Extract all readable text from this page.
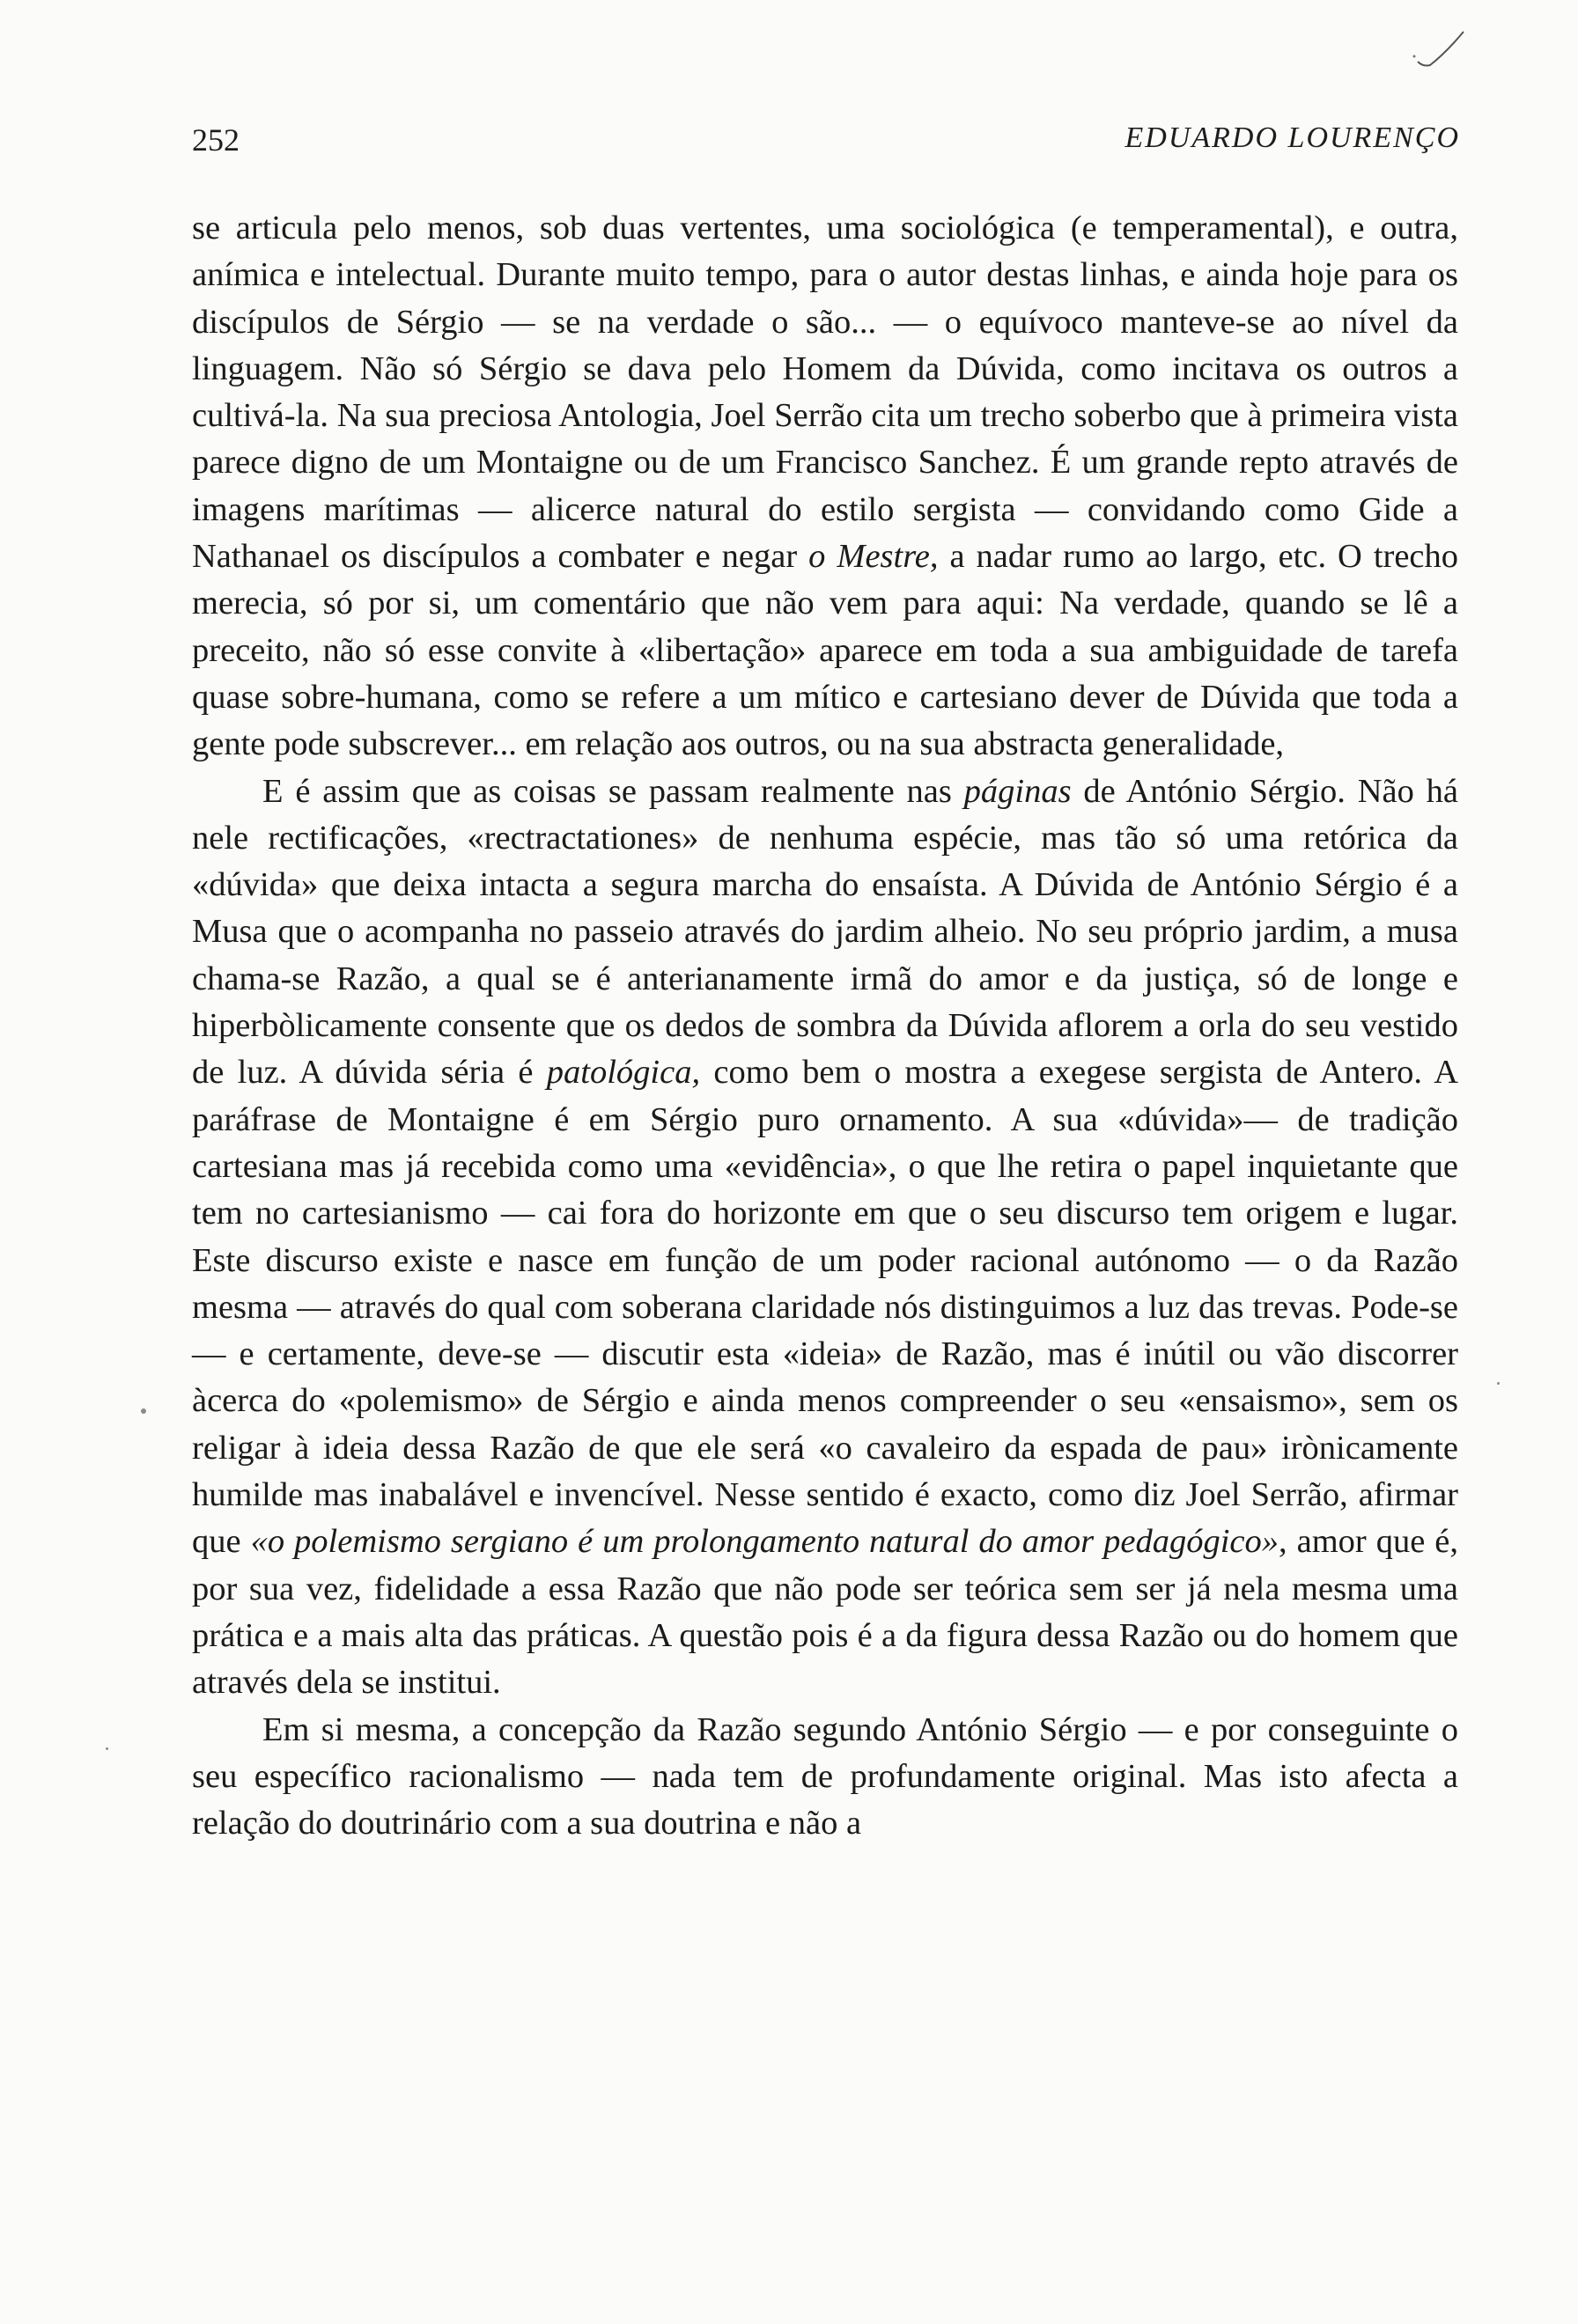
252	EDUARDO LOURENÇO

se articula pelo menos, sob duas vertentes, uma sociológica (e temperamental), e outra, anímica e intelectual. Durante muito tempo, para o autor destas linhas, e ainda hoje para os discípulos de Sérgio — se na verdade o são... — o equívoco manteve-se ao nível da linguagem. Não só Sérgio se dava pelo Homem da Dúvida, como incitava os outros a cultivá-la. Na sua preciosa Antologia, Joel Serrão cita um trecho soberbo que à primeira vista parece digno de um Montaigne ou de um Francisco Sanchez. É um grande repto através de imagens marítimas — alicerce natural do estilo sergista — convidando como Gide a Nathanael os discípulos a combater e negar o Mestre, a nadar rumo ao largo, etc. O trecho merecia, só por si, um comentário que não vem para aqui: Na verdade, quando se lê a preceito, não só esse convite à «libertação» aparece em toda a sua ambiguidade de tarefa quase sobre-humana, como se refere a um mítico e cartesiano dever de Dúvida que toda a gente pode subscrever... em relação aos outros, ou na sua abstracta generalidade,

E é assim que as coisas se passam realmente nas páginas de António Sérgio. Não há nele rectificações, «rectractationes» de nenhuma espécie, mas tão só uma retórica da «dúvida» que deixa intacta a segura marcha do ensaísta. A Dúvida de António Sérgio é a Musa que o acompanha no passeio através do jardim alheio. No seu próprio jardim, a musa chama-se Razão, a qual se é anterianamente irmã do amor e da justiça, só de longe e hiperbòlicamente consente que os dedos de sombra da Dúvida aflorem a orla do seu vestido de luz. A dúvida séria é patológica, como bem o mostra a exegese sergista de Antero. A paráfrase de Montaigne é em Sérgio puro ornamento. A sua «dúvida»— de tradição cartesiana mas já recebida como uma «evidência», o que lhe retira o papel inquietante que tem no cartesianismo — cai fora do horizonte em que o seu discurso tem origem e lugar. Este discurso existe e nasce em função de um poder racional autónomo — o da Razão mesma — através do qual com soberana claridade nós distinguimos a luz das trevas. Pode-se — e certamente, deve-se — discutir esta «ideia» de Razão, mas é inútil ou vão discorrer àcerca do «polemismo» de Sérgio e ainda menos compreender o seu «ensaismo», sem os religar à ideia dessa Razão de que ele será «o cavaleiro da espada de pau» irònicamente humilde mas inabalável e invencível. Nesse sentido é exacto, como diz Joel Serrão, afirmar que «o polemismo sergiano é um prolongamento natural do amor pedagógico», amor que é, por sua vez, fidelidade a essa Razão que não pode ser teórica sem ser já nela mesma uma prática e a mais alta das práticas. A questão pois é a da figura dessa Razão ou do homem que através dela se institui.

Em si mesma, a concepção da Razão segundo António Sérgio — e por conseguinte o seu específico racionalismo — nada tem de profundamente original. Mas isto afecta a relação do doutrinário com a sua doutrina e não a
